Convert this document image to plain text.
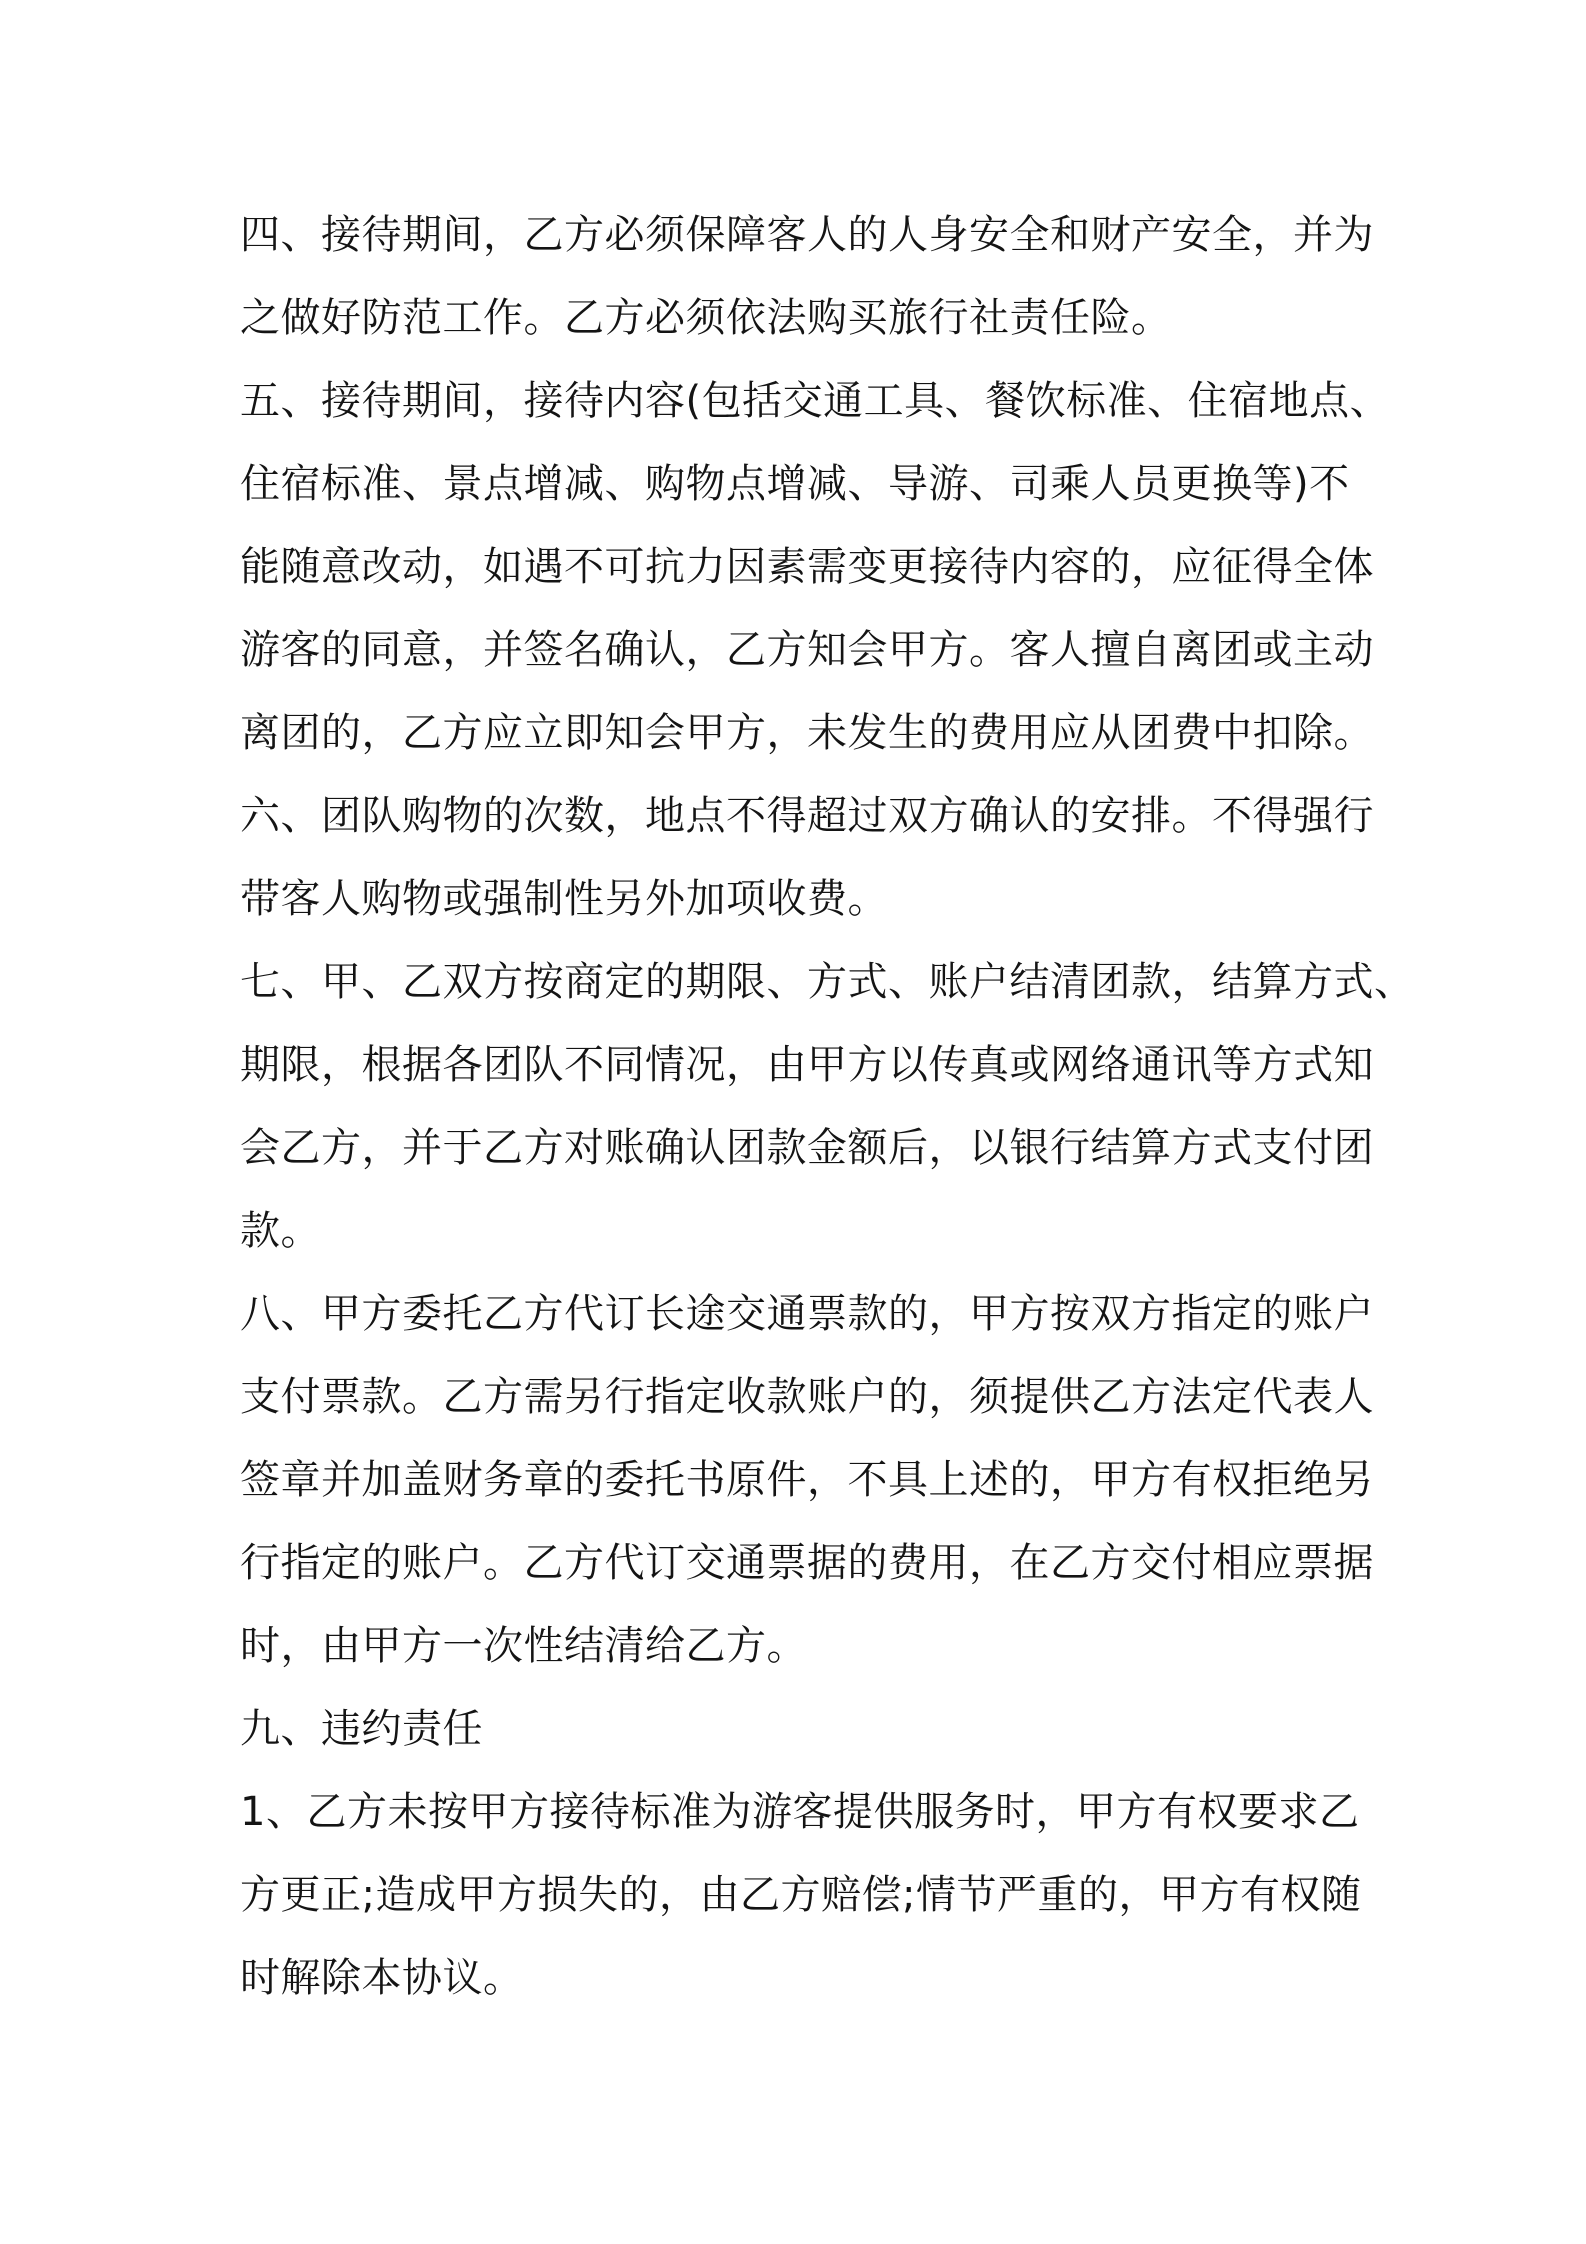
四、接待期间，乙方必须保障客人的人身安全和财产安全，并为
之做好防范工作。乙方必须依法购买旅行社责任险。
五、接待期间，接待内容(包括交通工具、餐饮标准、住宿地点、
住宿标准、景点增减、购物点增减、导游、司乘人员更换等)不
能随意改动，如遇不可抗力因素需变更接待内容的，应征得全体
游客的同意，并签名确认，乙方知会甲方。客人擅自离团或主动
离团的，乙方应立即知会甲方，未发生的费用应从团费中扣除。
六、团队购物的次数，地点不得超过双方确认的安排。不得强行
带客人购物或强制性另外加项收费。
七、甲、乙双方按商定的期限、方式、账户结清团款，结算方式、
期限，根据各团队不同情况，由甲方以传真或网络通讯等方式知
会乙方，并于乙方对账确认团款金额后，以银行结算方式支付团
款。
八、甲方委托乙方代订长途交通票款的，甲方按双方指定的账户
支付票款。乙方需另行指定收款账户的，须提供乙方法定代表人
签章并加盖财务章的委托书原件，不具上述的，甲方有权拒绝另
行指定的账户。乙方代订交通票据的费用，在乙方交付相应票据
时，由甲方一次性结清给乙方。
九、违约责任
1、乙方未按甲方接待标准为游客提供服务时，甲方有权要求乙
方更正;造成甲方损失的，由乙方赔偿;情节严重的，甲方有权随
时解除本协议。
